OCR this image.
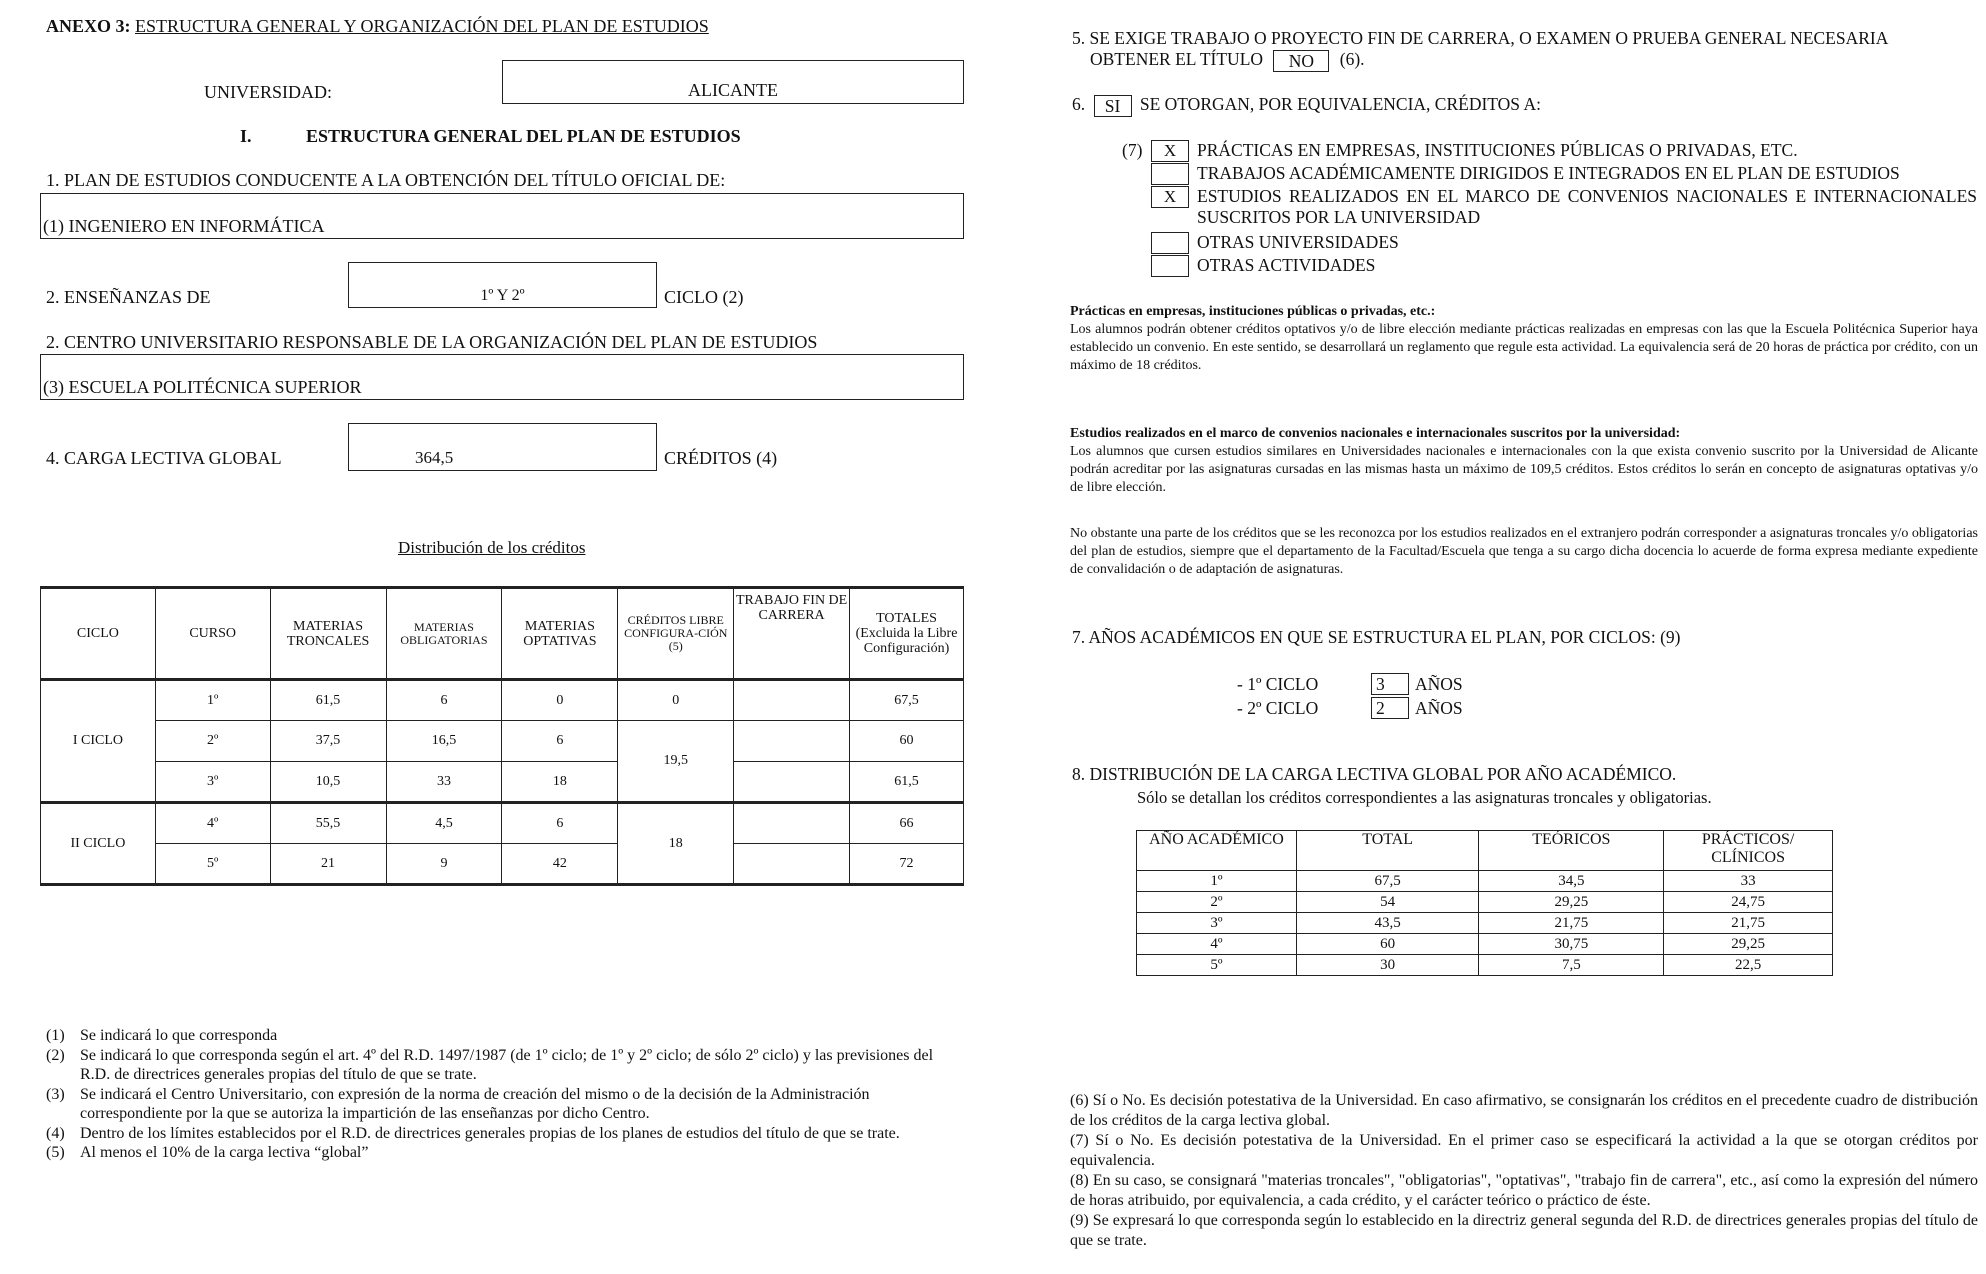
ANEXO 3: ESTRUCTURA GENERAL Y ORGANIZACIÓN DEL PLAN DE ESTUDIOS
UNIVERSIDAD:	ALICANTE
I.	ESTRUCTURA GENERAL DEL PLAN DE ESTUDIOS
1. PLAN DE ESTUDIOS CONDUCENTE A LA OBTENCIÓN DEL TÍTULO OFICIAL DE:
(1) INGENIERO EN INFORMÁTICA
2. ENSEÑANZAS DE	1º Y 2º	CICLO (2)
2. CENTRO UNIVERSITARIO RESPONSABLE DE LA ORGANIZACIÓN DEL PLAN DE ESTUDIOS
(3) ESCUELA POLITÉCNICA SUPERIOR
4. CARGA LECTIVA GLOBAL	364,5	CRÉDITOS (4)
Distribución de los créditos
CICLO	CURSO	MATERIAS TRONCALES	MATERIAS OBLIGATORIAS	MATERIAS OPTATIVAS	CRÉDITOS LIBRE CONFIGURA-CIÓN (5)	TRABAJO FIN DE CARRERA	TOTALES (Excluida la Libre Configuración)
I CICLO	1º	61,5	6	0	0		67,5
	2º	37,5	16,5	6	19,5		60
	3º	10,5	33	18			61,5
II CICLO	4º	55,5	4,5	6	18		66
	5º	21	9	42			72
(1) Se indicará lo que corresponda
(2) Se indicará lo que corresponda según el art. 4º del R.D. 1497/1987 (de 1º ciclo; de 1º y 2º ciclo; de sólo 2º ciclo) y las previsiones del R.D. de directrices generales propias del título de que se trate.
(3) Se indicará el Centro Universitario, con expresión de la norma de creación del mismo o de la decisión de la Administración correspondiente por la que se autoriza la impartición de las enseñanzas por dicho Centro.
(4) Dentro de los límites establecidos por el R.D. de directrices generales propias de los planes de estudios del título de que se trate.
(5) Al menos el 10% de la carga lectiva “global”
5. SE EXIGE TRABAJO O PROYECTO FIN DE CARRERA, O EXAMEN O PRUEBA GENERAL NECESARIA
OBTENER EL TÍTULO NO (6).
6. SI SE OTORGAN, POR EQUIVALENCIA, CRÉDITOS A:
(7)	X	PRÁCTICAS EN EMPRESAS, INSTITUCIONES PÚBLICAS O PRIVADAS, ETC.
TRABAJOS ACADÉMICAMENTE DIRIGIDOS E INTEGRADOS EN EL PLAN DE ESTUDIOS
X	ESTUDIOS REALIZADOS EN EL MARCO DE CONVENIOS NACIONALES E INTERNACIONALES SUSCRITOS POR LA UNIVERSIDAD
OTRAS UNIVERSIDADES
OTRAS ACTIVIDADES
Prácticas en empresas, instituciones públicas o privadas, etc.:
Los alumnos podrán obtener créditos optativos y/o de libre elección mediante prácticas realizadas en empresas con las que la Escuela Politécnica Superior haya establecido un convenio. En este sentido, se desarrollará un reglamento que regule esta actividad. La equivalencia será de 20 horas de práctica por crédito, con un máximo de 18 créditos.
Estudios realizados en el marco de convenios nacionales e internacionales suscritos por la universidad:
Los alumnos que cursen estudios similares en Universidades nacionales e internacionales con la que exista convenio suscrito por la Universidad de Alicante podrán acreditar por las asignaturas cursadas en las mismas hasta un máximo de 109,5 créditos. Estos créditos lo serán en concepto de asignaturas optativas y/o de libre elección.
No obstante una parte de los créditos que se les reconozca por los estudios realizados en el extranjero podrán corresponder a asignaturas troncales y/o obligatorias del plan de estudios, siempre que el departamento de la Facultad/Escuela que tenga a su cargo dicha docencia lo acuerde de forma expresa mediante expediente de convalidación o de adaptación de asignaturas.
7. AÑOS ACADÉMICOS EN QUE SE ESTRUCTURA EL PLAN, POR CICLOS: (9)
- 1º CICLO	3	AÑOS
- 2º CICLO	2	AÑOS
8. DISTRIBUCIÓN DE LA CARGA LECTIVA GLOBAL POR AÑO ACADÉMICO.
Sólo se detallan los créditos correspondientes a las asignaturas troncales y obligatorias.
AÑO ACADÉMICO	TOTAL	TEÓRICOS	PRÁCTICOS/ CLÍNICOS
1º	67,5	34,5	33
2º	54	29,25	24,75
3º	43,5	21,75	21,75
4º	60	30,75	29,25
5º	30	7,5	22,5
(6) Sí o No. Es decisión potestativa de la Universidad. En caso afirmativo, se consignarán los créditos en el precedente cuadro de distribución de los créditos de la carga lectiva global.
(7) Sí o No. Es decisión potestativa de la Universidad. En el primer caso se especificará la actividad a la que se otorgan créditos por equivalencia.
(8) En su caso, se consignará "materias troncales", "obligatorias", "optativas", "trabajo fin de carrera", etc., así como la expresión del número de horas atribuido, por equivalencia, a cada crédito, y el carácter teórico o práctico de éste.
(9) Se expresará lo que corresponda según lo establecido en la directriz general segunda del R.D. de directrices generales propias del título de que se trate.
